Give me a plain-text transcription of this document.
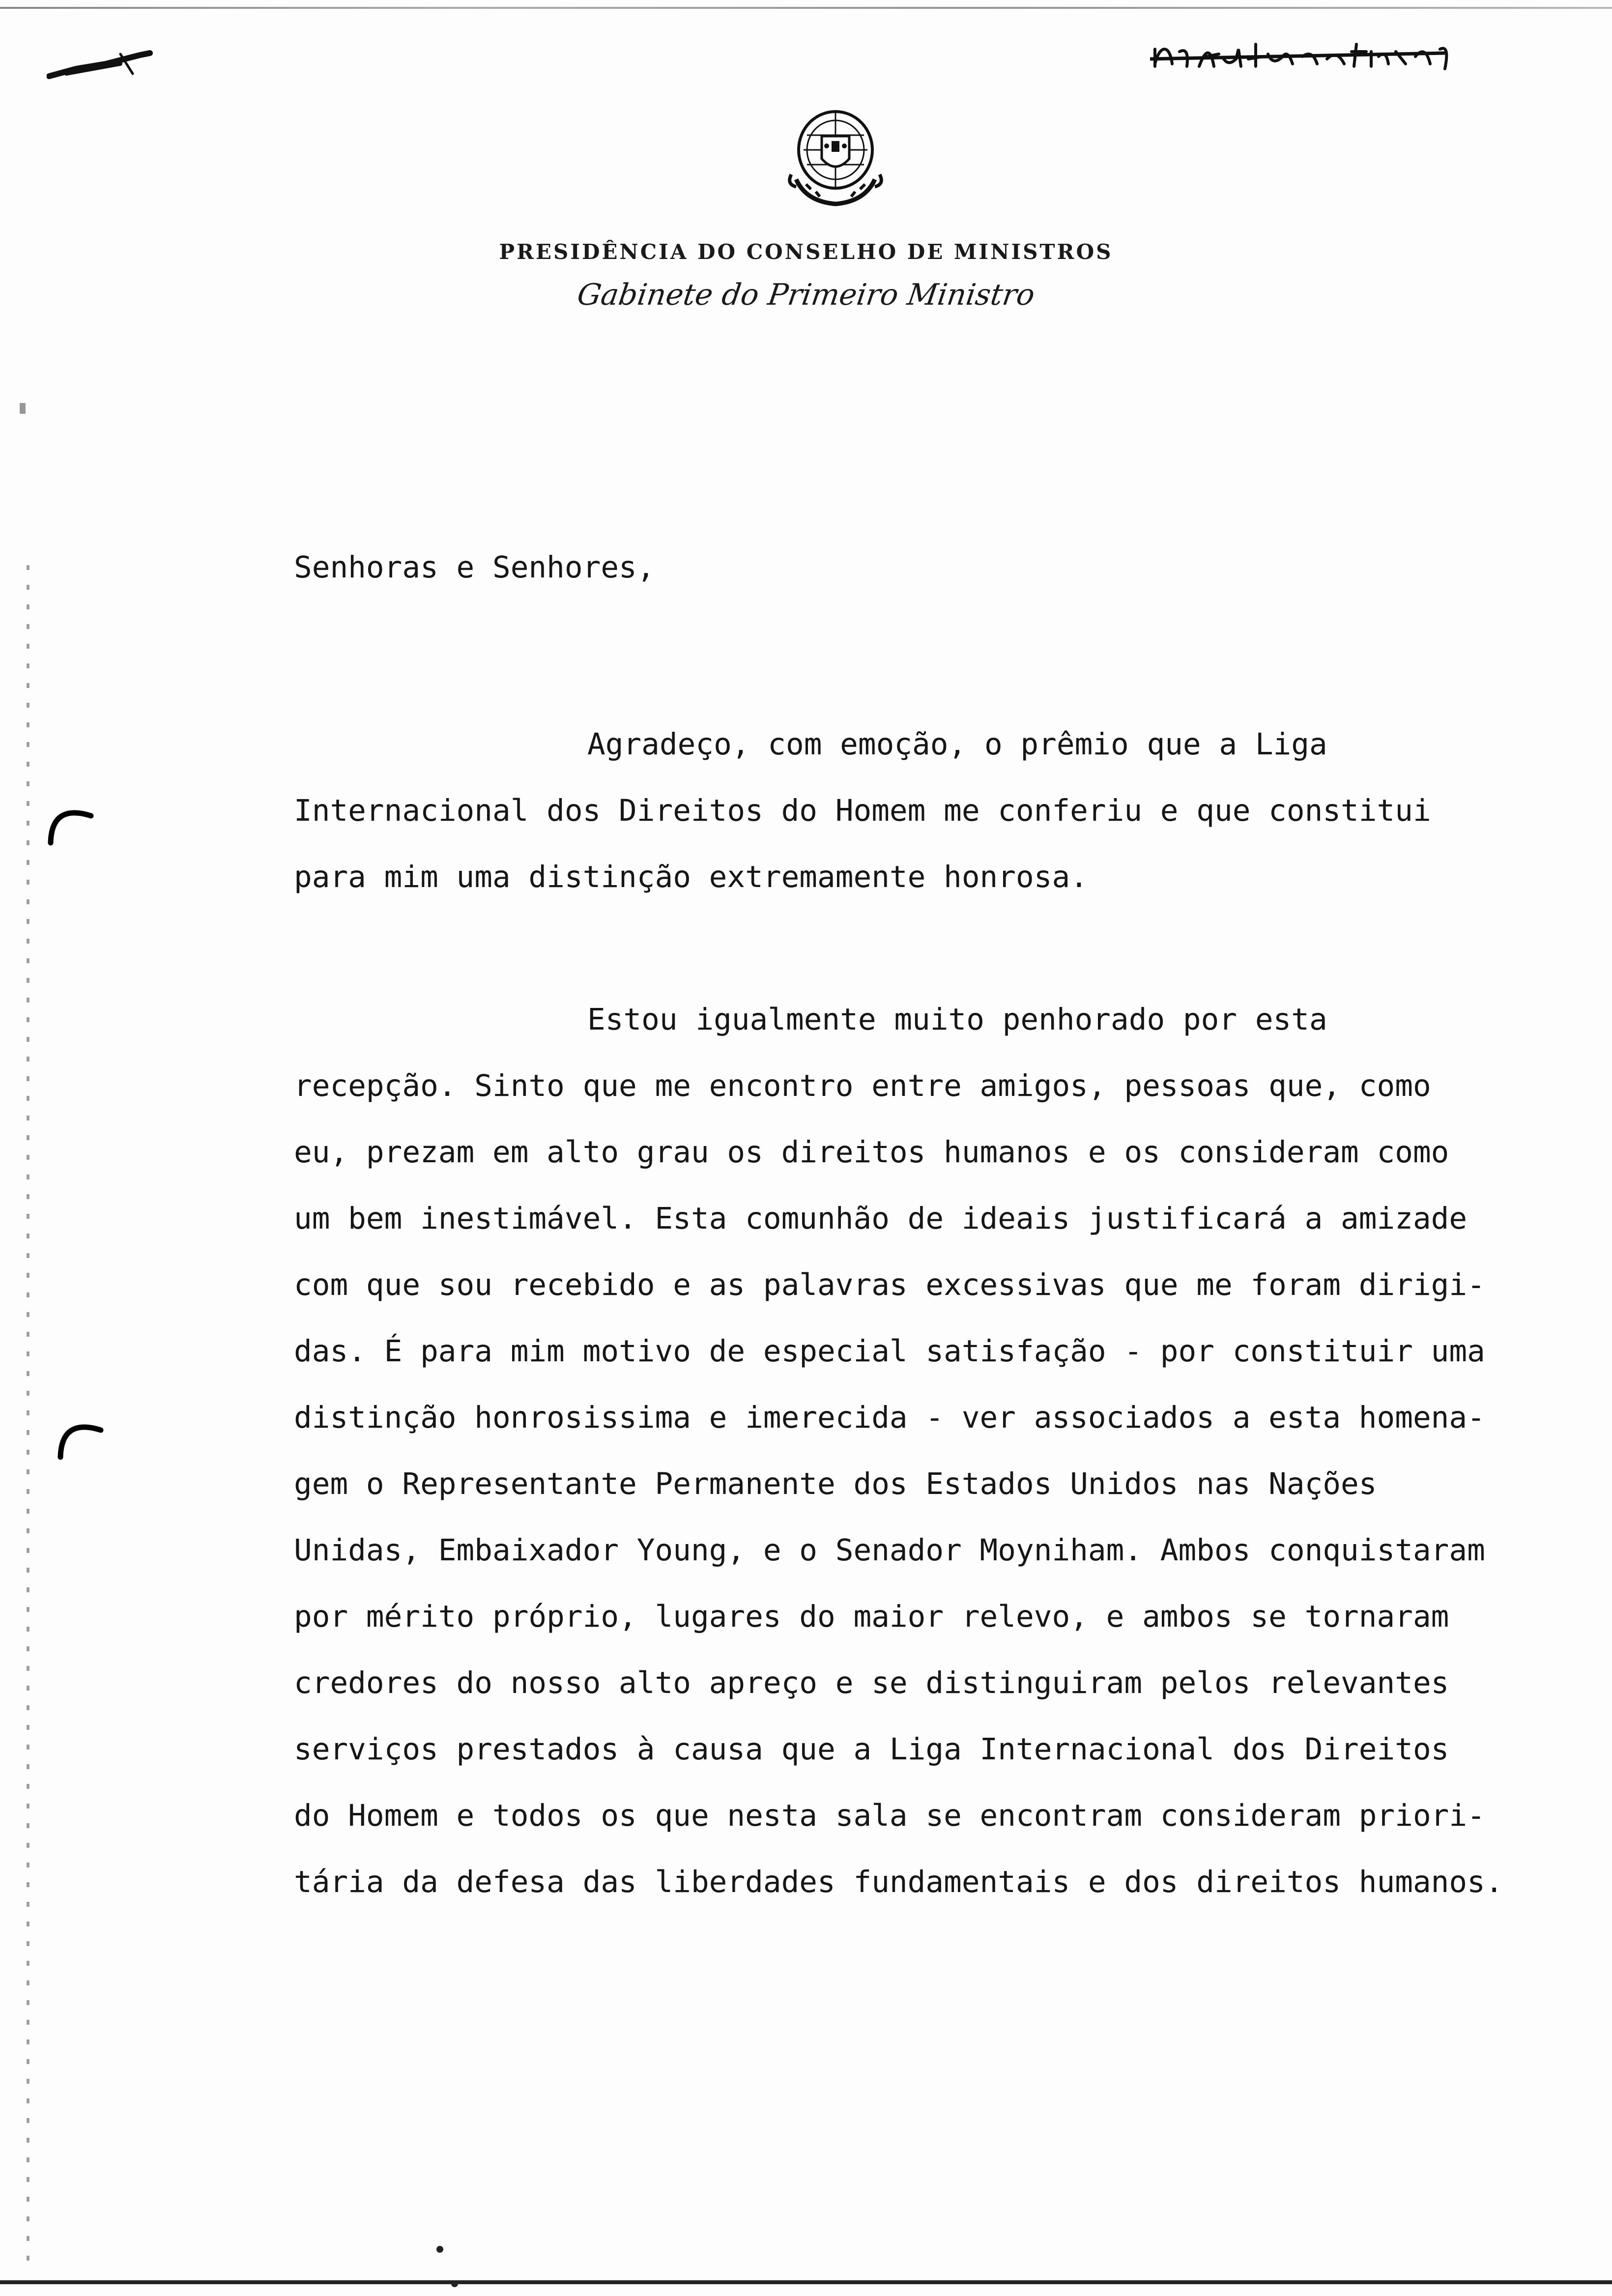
PRESIDÊNCIA DO CONSELHO DE MINISTROS
Gabinete do Primeiro Ministro

Senhoras e Senhores,

Agradeço, com emoção, o prêmio que a Liga
Internacional dos Direitos do Homem me conferiu e que constitui
para mim uma distinção extremamente honrosa.
Estou igualmente muito penhorado por esta
recepção. Sinto que me encontro entre amigos, pessoas que, como
eu, prezam em alto grau os direitos humanos e os consideram como
um bem inestimável. Esta comunhão de ideais justificará a amizade
com que sou recebido e as palavras excessivas que me foram dirigi-
das. É para mim motivo de especial satisfação - por constituir uma
distinção honrosissima e imerecida - ver associados a esta homena-
gem o Representante Permanente dos Estados Unidos nas Nações
Unidas, Embaixador Young, e o Senador Moyniham. Ambos conquistaram
por mérito próprio, lugares do maior relevo, e ambos se tornaram
credores do nosso alto apreço e se distinguiram pelos relevantes
serviços prestados à causa que a Liga Internacional dos Direitos
do Homem e todos os que nesta sala se encontram consideram priori-
tária da defesa das liberdades fundamentais e dos direitos humanos.
